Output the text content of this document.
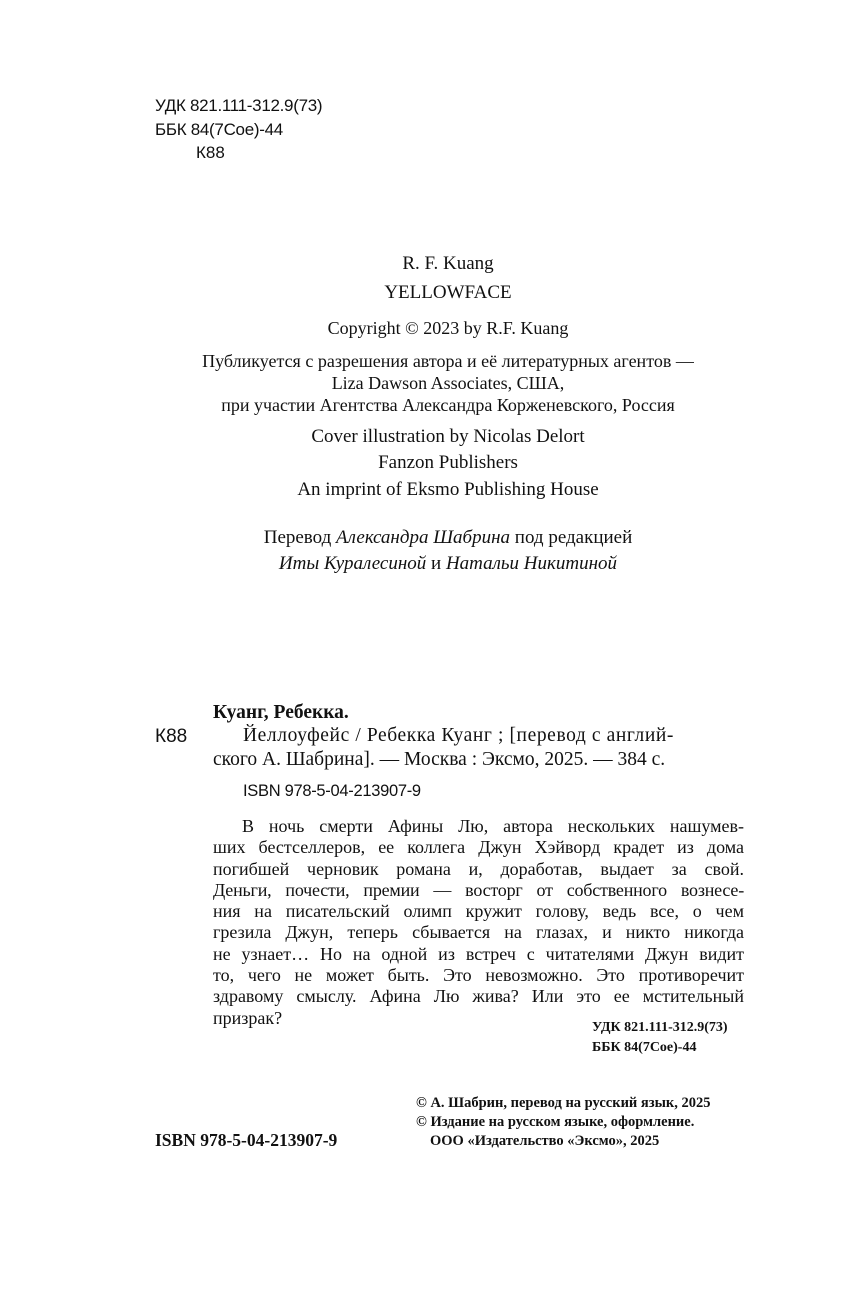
УДК 821.111-312.9(73)
ББК 84(7Сое)-44
К88
R. F. Kuang
YELLOWFACE
Copyright © 2023 by R.F. Kuang
Публикуется с разрешения автора и её литературных агентов —
Liza Dawson Associates, США,
при участии Агентства Александра Корженевского, Россия
Cover illustration by Nicolas Delort
Fanzon Publishers
An imprint of Eksmo Publishing House
Перевод Александра Шабрина под редакцией
Иты Куралесиной и Натальи Никитиной
Куанг, Ребекка.
К88	Йеллоуфейс / Ребекка Куанг ; [перевод с англий-
ского А. Шабрина]. — Москва : Эксмо, 2025. — 384 с.
ISBN 978-5-04-213907-9
В ночь смерти Афины Лю, автора нескольких нашумев-
ших бестселлеров, ее коллега Джун Хэйворд крадет из дома
погибшей черновик романа и, доработав, выдает за свой.
Деньги, почести, премии — восторг от собственного вознесе-
ния на писательский олимп кружит голову, ведь все, о чем
грезила Джун, теперь сбывается на глазах, и никто никогда
не узнает… Но на одной из встреч с читателями Джун видит
то, чего не может быть. Это невозможно. Это противоречит
здравому смыслу. Афина Лю жива? Или это ее мстительный
призрак?	УДК 821.111-312.9(73)
ББК 84(7Сое)-44
© А. Шабрин, перевод на русский язык, 2025
© Издание на русском языке, оформление.
ISBN 978-5-04-213907-9	ООО «Издательство «Эксмо», 2025
